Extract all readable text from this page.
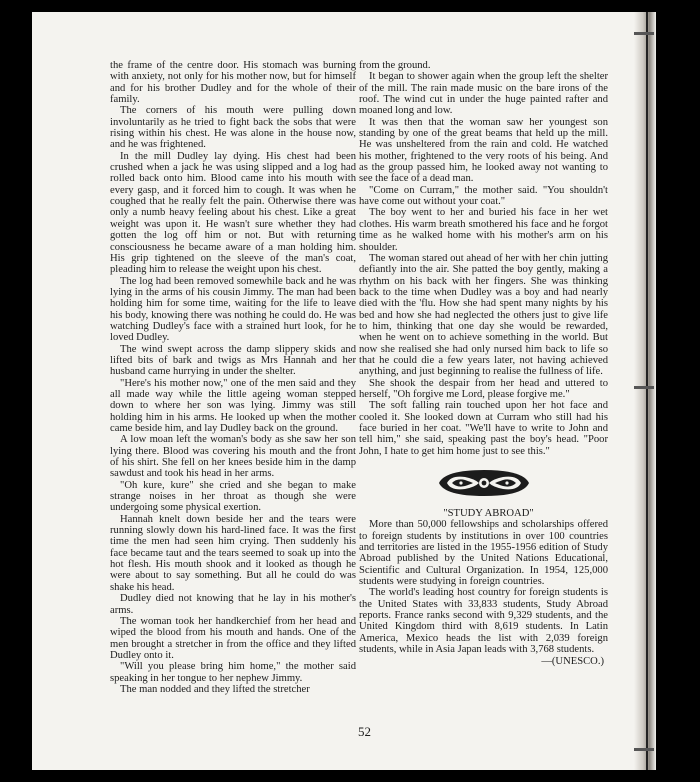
the frame of the centre door. His stomach was burning with anxiety, not only for his mother now, but for himself and for his brother Dudley and for the whole of their family.

The corners of his mouth were pulling down involuntarily as he tried to fight back the sobs that were rising within his chest. He was alone in the house now, and he was frightened.

In the mill Dudley lay dying. His chest had been crushed when a jack he was using slipped and a log had rolled back onto him. Blood came into his mouth with every gasp, and it forced him to cough. It was when he coughed that he really felt the pain. Otherwise there was only a numb heavy feeling about his chest. Like a great weight was upon it. He wasn't sure whether they had gotten the log off him or not. But with returning consciousness he became aware of a man holding him. His grip tightened on the sleeve of the man's coat, pleading him to release the weight upon his chest.

The log had been removed somewhile back and he was lying in the arms of his cousin Jimmy. The man had been holding him for some time, waiting for the life to leave his body, knowing there was nothing he could do. He was watching Dudley's face with a strained hurt look, for he loved Dudley.

The wind swept across the damp slippery skids and lifted bits of bark and twigs as Mrs Hannah and her husband came hurrying in under the shelter.

"Here's his mother now," one of the men said and they all made way while the little ageing woman stepped down to where her son was lying. Jimmy was still holding him in his arms. He looked up when the mother came beside him, and lay Dudley back on the ground.

A low moan left the woman's body as she saw her son lying there. Blood was covering his mouth and the front of his shirt. She fell on her knees beside him in the damp sawdust and took his head in her arms.

"Oh kure, kure" she cried and she began to make strange noises in her throat as though she were undergoing some physical exertion.

Hannah knelt down beside her and the tears were running slowly down his hard-lined face. It was the first time the men had seen him crying. Then suddenly his face became taut and the tears seemed to soak up into the hot flesh. His mouth shook and it looked as though he were about to say something. But all he could do was shake his head.

Dudley died not knowing that he lay in his mother's arms.

The woman took her handkerchief from her head and wiped the blood from his mouth and hands. One of the men brought a stretcher in from the office and they lifted Dudley onto it.

"Will you please bring him home," the mother said speaking in her tongue to her nephew Jimmy.

The man nodded and they lifted the stretcher

from the ground.

It began to shower again when the group left the shelter of the mill. The rain made music on the bare irons of the roof. The wind cut in under the huge painted rafter and moaned long and low.

It was then that the woman saw her youngest son standing by one of the great beams that held up the mill. He was unsheltered from the rain and cold. He watched his mother, frightened to the very roots of his being. And as the group passed him, he looked away not wanting to see the face of a dead man.

"Come on Curram," the mother said. "You shouldn't have come out without your coat."

The boy went to her and buried his face in her wet clothes. His warm breath smothered his face and he forgot time as he walked home with his mother's arm on his shoulder.

The woman stared out ahead of her with her chin jutting defiantly into the air. She patted the boy gently, making a rhythm on his back with her fingers. She was thinking back to the time when Dudley was a boy and had nearly died with the 'flu. How she had spent many nights by his bed and how she had neglected the others just to give life to him, thinking that one day she would be rewarded, when he went on to achieve something in the world. But now she realised she had only nursed him back to life so that he could die a few years later, not having achieved anything, and just beginning to realise the fullness of life.

She shook the despair from her head and uttered to herself, "Oh forgive me Lord, please forgive me."

The soft falling rain touched upon her hot face and cooled it. She looked down at Curram who still had his face buried in her coat. "We'll have to write to John and tell him," she said, speaking past the boy's head. "Poor John, I hate to get him home just to see this."

"STUDY ABROAD"

More than 50,000 fellowships and scholarships offered to foreign students by institutions in over 100 countries and territories are listed in the 1955-1956 edition of Study Abroad published by the United Nations Educational, Scientific and Cultural Organization. In 1954, 125,000 students were studying in foreign countries.

The world's leading host country for foreign students is the United States with 33,833 students, Study Abroad reports. France ranks second with 9,329 students, and the United Kingdom third with 8,619 students. In Latin America, Mexico heads the list with 2,039 foreign students, while in Asia Japan leads with 3,768 students.

—(UNESCO.)

52
